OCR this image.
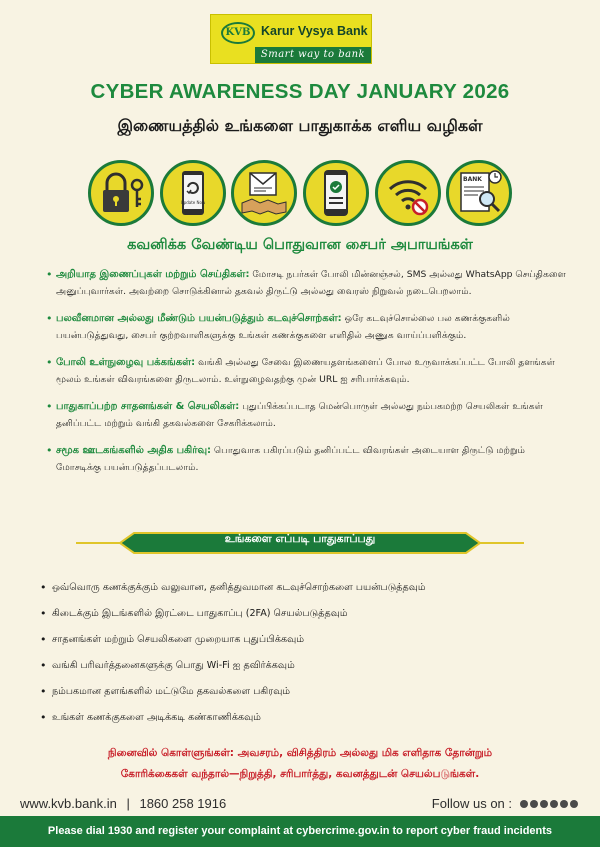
KVB Karur Vysya Bank
Smart way to bank
CYBER AWARENESS DAY JANUARY 2026
இணையத்தில் உங்களை பாதுகாக்க எளிய வழிகள்
Update Now
BANK
கவனிக்க வேண்டிய பொதுவான சைபர் அபாயங்கள்
• அறியாத இணைப்புகள் மற்றும் செய்திகள்: மோசடி நபர்கள் போலி மின்னஞ்சல், SMS அல்லது WhatsApp செய்திகளை அனுப்புவார்கள். அவற்றை சொடுக்கினால் தகவல் திருட்டு அல்லது வைரஸ் நிறுவல் நடைபெறலாம்.

• பலவீனமான அல்லது மீண்டும் பயன்படுத்தும் கடவுச்சொற்கள்: ஒரே கடவுச்சொல்லை பல கணக்குகளில் பயன்படுத்துவது, சைபர் குற்றவாளிகளுக்கு உங்கள் கணக்குகளை எளிதில் அணுக வாய்ப்பளிக்கும்.

• போலி உள்நுழைவு பக்கங்கள்: வங்கி அல்லது சேவை இணையதளங்களைப் போல உருவாக்கப்பட்ட போலி தளங்கள் மூலம் உங்கள் விவரங்களை திருடலாம். உள்நுழைவதற்கு முன் URL ஐ சரிபார்க்கவும்.

• பாதுகாப்பற்ற சாதனங்கள் & செயலிகள்: புதுப்பிக்கப்படாத மென்பொருள் அல்லது நம்பகமற்ற செயலிகள் உங்கள் தனிப்பட்ட மற்றும் வங்கி தகவல்களை சேகரிக்கலாம்.

• சமூக ஊடகங்களில் அதிக பகிர்வு: பொதுவாக பகிரப்படும் தனிப்பட்ட விவரங்கள் அடையாள திருட்டு மற்றும் மோசடிக்கு பயன்படுத்தப்படலாம்.

உங்களை எப்படி பாதுகாப்பது
• ஒவ்வொரு கணக்குக்கும் வலுவான, தனித்துவமான கடவுச்சொற்களை பயன்படுத்தவும்
• கிடைக்கும் இடங்களில் இரட்டை பாதுகாப்பு (2FA) செயல்படுத்தவும்
• சாதனங்கள் மற்றும் செயலிகளை முறையாக புதுப்பிக்கவும்
• வங்கி பரிவர்த்தனைகளுக்கு பொது Wi-Fi ஐ தவிர்க்கவும்
• நம்பகமான தளங்களில் மட்டுமே தகவல்களை பகிரவும்
• உங்கள் கணக்குகளை அடிக்கடி கண்காணிக்கவும்
நினைவில் கொள்ளுங்கள்: அவசரம், விசித்திரம் அல்லது மிக எளிதாக தோன்றும்
கோரிக்கைகள் வந்தால்—நிறுத்தி, சரிபார்த்து, கவனத்துடன் செயல்படுங்கள்.
www.kvb.bank.in | 1860 258 1916	Follow us on :
Please dial 1930 and register your complaint at cybercrime.gov.in to report cyber fraud incidents
